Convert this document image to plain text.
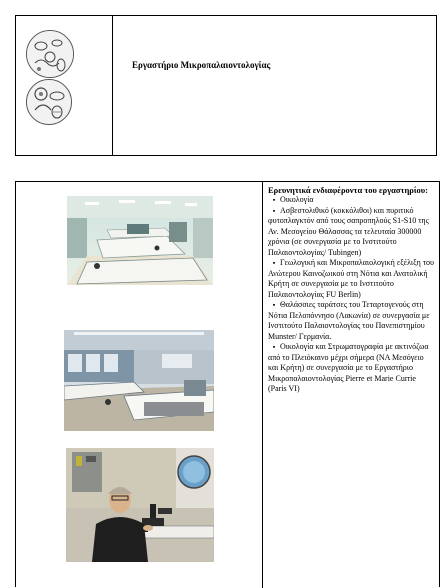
Εργαστήριο Μικροπαλαιοντολογίας

Ερευνητικά ενδιαφέροντα του εργαστηρίου:

▪ Οικολογία

▪ Ασβεστολιθικό (κοκκόλιθοι) και πυριτικό φυτοπλαγκτόν από τους σαπροπηλούς S1-S10 της Αν. Μεσογείου Θάλασσας τα τελευταία 300000 χρόνια (σε συνεργασία με το Ινστιτούτο Παλαιοντολογίας/ Tubingen)

▪ Γεωλογική και Μικροπαλαιολογική εξέλιξη του Ανώτερου Καινοζωικού στη Νότια και Ανατολική Κρήτη σε συνεργασία με το Ινστιτούτο Παλαιοντολογίας FU Berlin)

▪ Θαλάσσιες ταράτσες του Τεταρτογενούς στη Νότια Πελοπόννησο (Λακωνία) σε συνεργασία με Ινστιτούτο Παλαιοντολογίας του Πανεπιστημίου Munster/ Γερμανία.

▪ Οικολογία και Στρωματογραφία με ακτινόζωα από το Πλειόκαινο μέχρι σήμερα (ΝΑ Μεσόγειο και Κρήτη) σε συνεργασία με το Εργαστήριο Μικροπαλαιοντολογίας Pierre et Marie Currie (Paris VI)
